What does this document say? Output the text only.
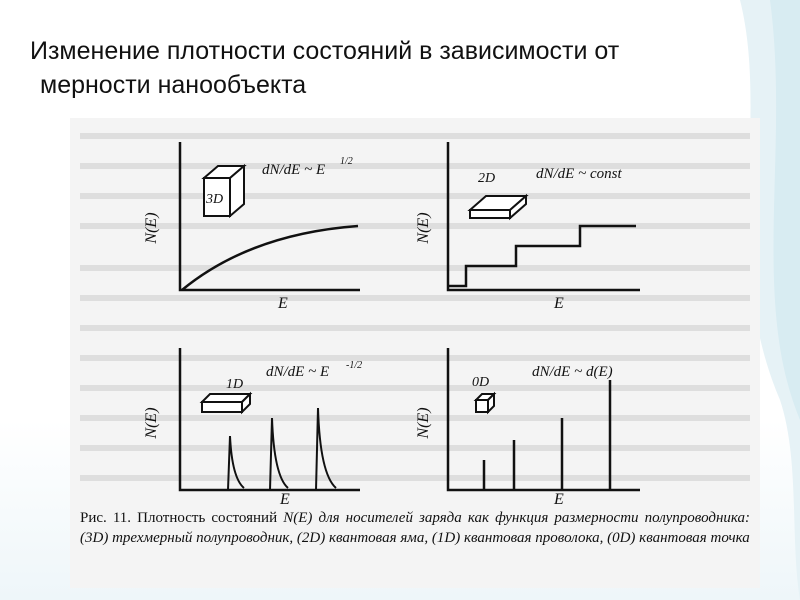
Изменение плотности состояний в зависимости от
мерности нанообъекта
N(E)
E
3D
dN/dE ~ E
1/2
N(E)
E
2D	dN/dE ~ const
N(E)
E
1D
dN/dE ~ E -1/2
N(E)
E
0D
dN/dE ~ d(E)
Рис. 11. Плотность состояний N(E) для носителей заряда как функция размерности полупроводника: (3D) трехмерный полупроводник, (2D) квантовая яма, (1D) квантовая проволока, (0D) квантовая точка
